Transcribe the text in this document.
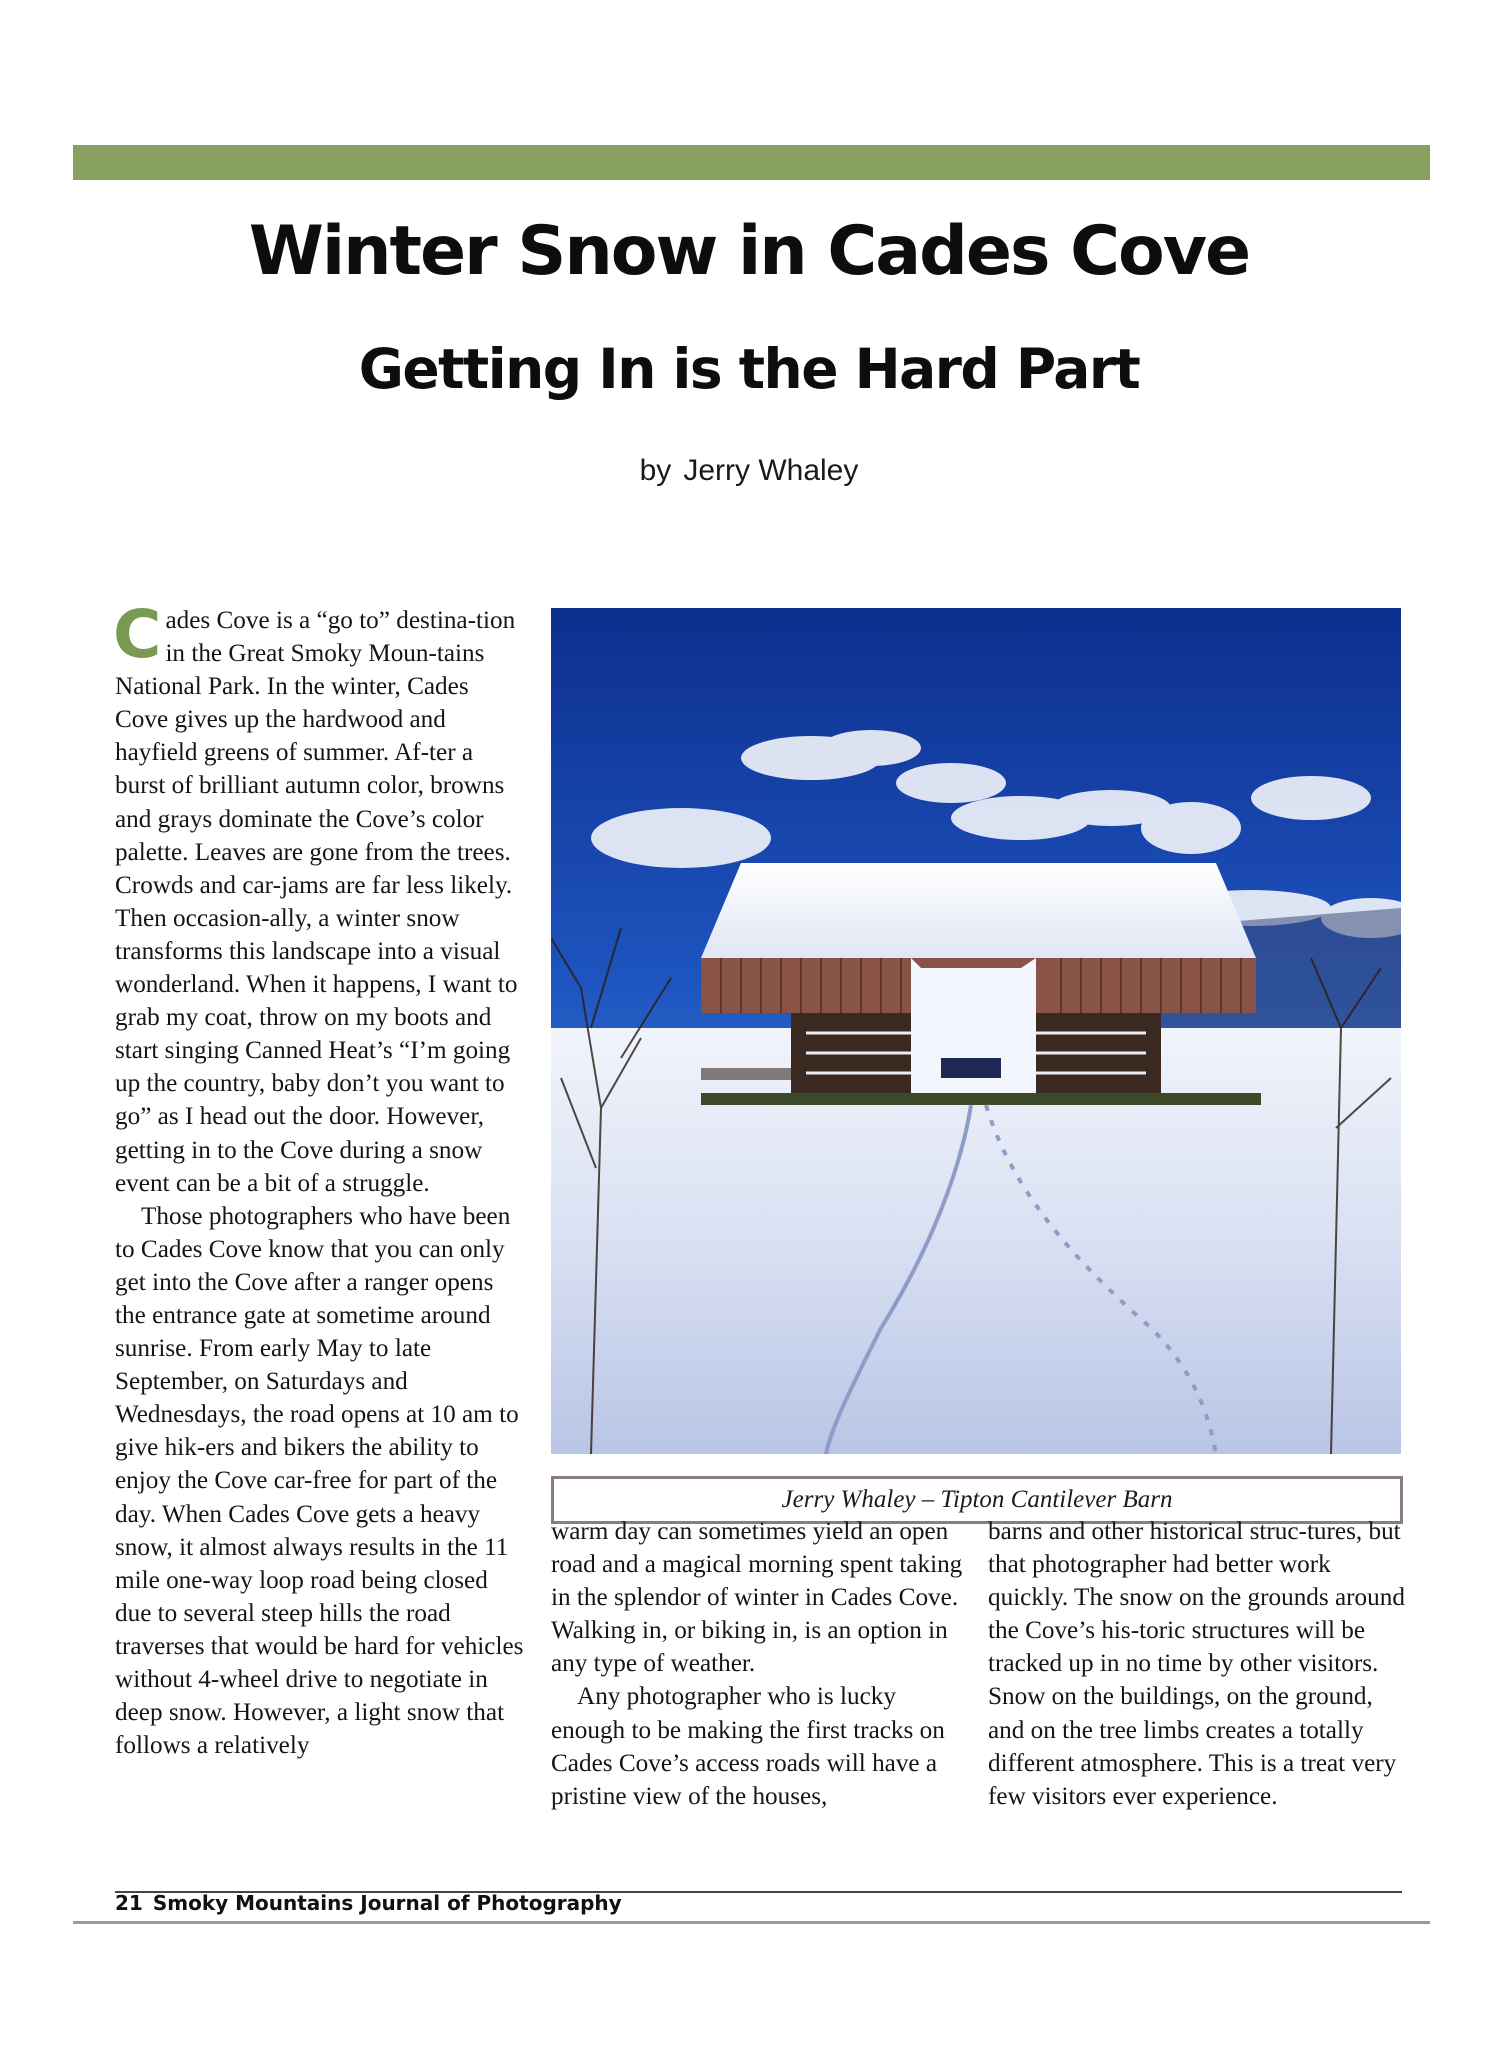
Winter Snow in Cades Cove
Getting In is the Hard Part
by Jerry Whaley
C ades Cove is a “go to” destina-tion in the Great Smoky Moun-tains National Park. In the winter, Cades Cove gives up the hardwood and hayfield greens of summer. Af-ter a burst of brilliant autumn color, browns and grays dominate the Cove’s color palette. Leaves are gone from the trees. Crowds and car-jams are far less likely. Then occasion-ally, a winter snow transforms this landscape into a visual wonderland. When it happens, I want to grab my coat, throw on my boots and start singing Canned Heat’s “I’m going up the country, baby don’t you want to go” as I head out the door. However, getting in to the Cove during a snow event can be a bit of a struggle.

Those photographers who have been to Cades Cove know that you can only get into the Cove after a ranger opens the entrance gate at sometime around sunrise. From early May to late September, on Saturdays and Wednesdays, the road opens at 10 am to give hik-ers and bikers the ability to enjoy the Cove car-free for part of the day. When Cades Cove gets a heavy snow, it almost always results in the 11 mile one-way loop road being closed due to several steep hills the road traverses that would be hard for vehicles without 4-wheel drive to negotiate in deep snow. However, a light snow that follows a relatively

Jerry Whaley – Tipton Cantilever Barn

warm day can sometimes yield an open road and a magical morning spent taking in the splendor of winter in Cades Cove. Walking in, or biking in, is an option in any type of weather.

Any photographer who is lucky enough to be making the first tracks on Cades Cove’s access roads will have a pristine view of the houses,

barns and other historical struc-tures, but that photographer had better work quickly. The snow on the grounds around the Cove’s his-toric structures will be tracked up in no time by other visitors. Snow on the buildings, on the ground, and on the tree limbs creates a totally different atmosphere. This is a treat very few visitors ever experience.

21 Smoky Mountains Journal of Photography
